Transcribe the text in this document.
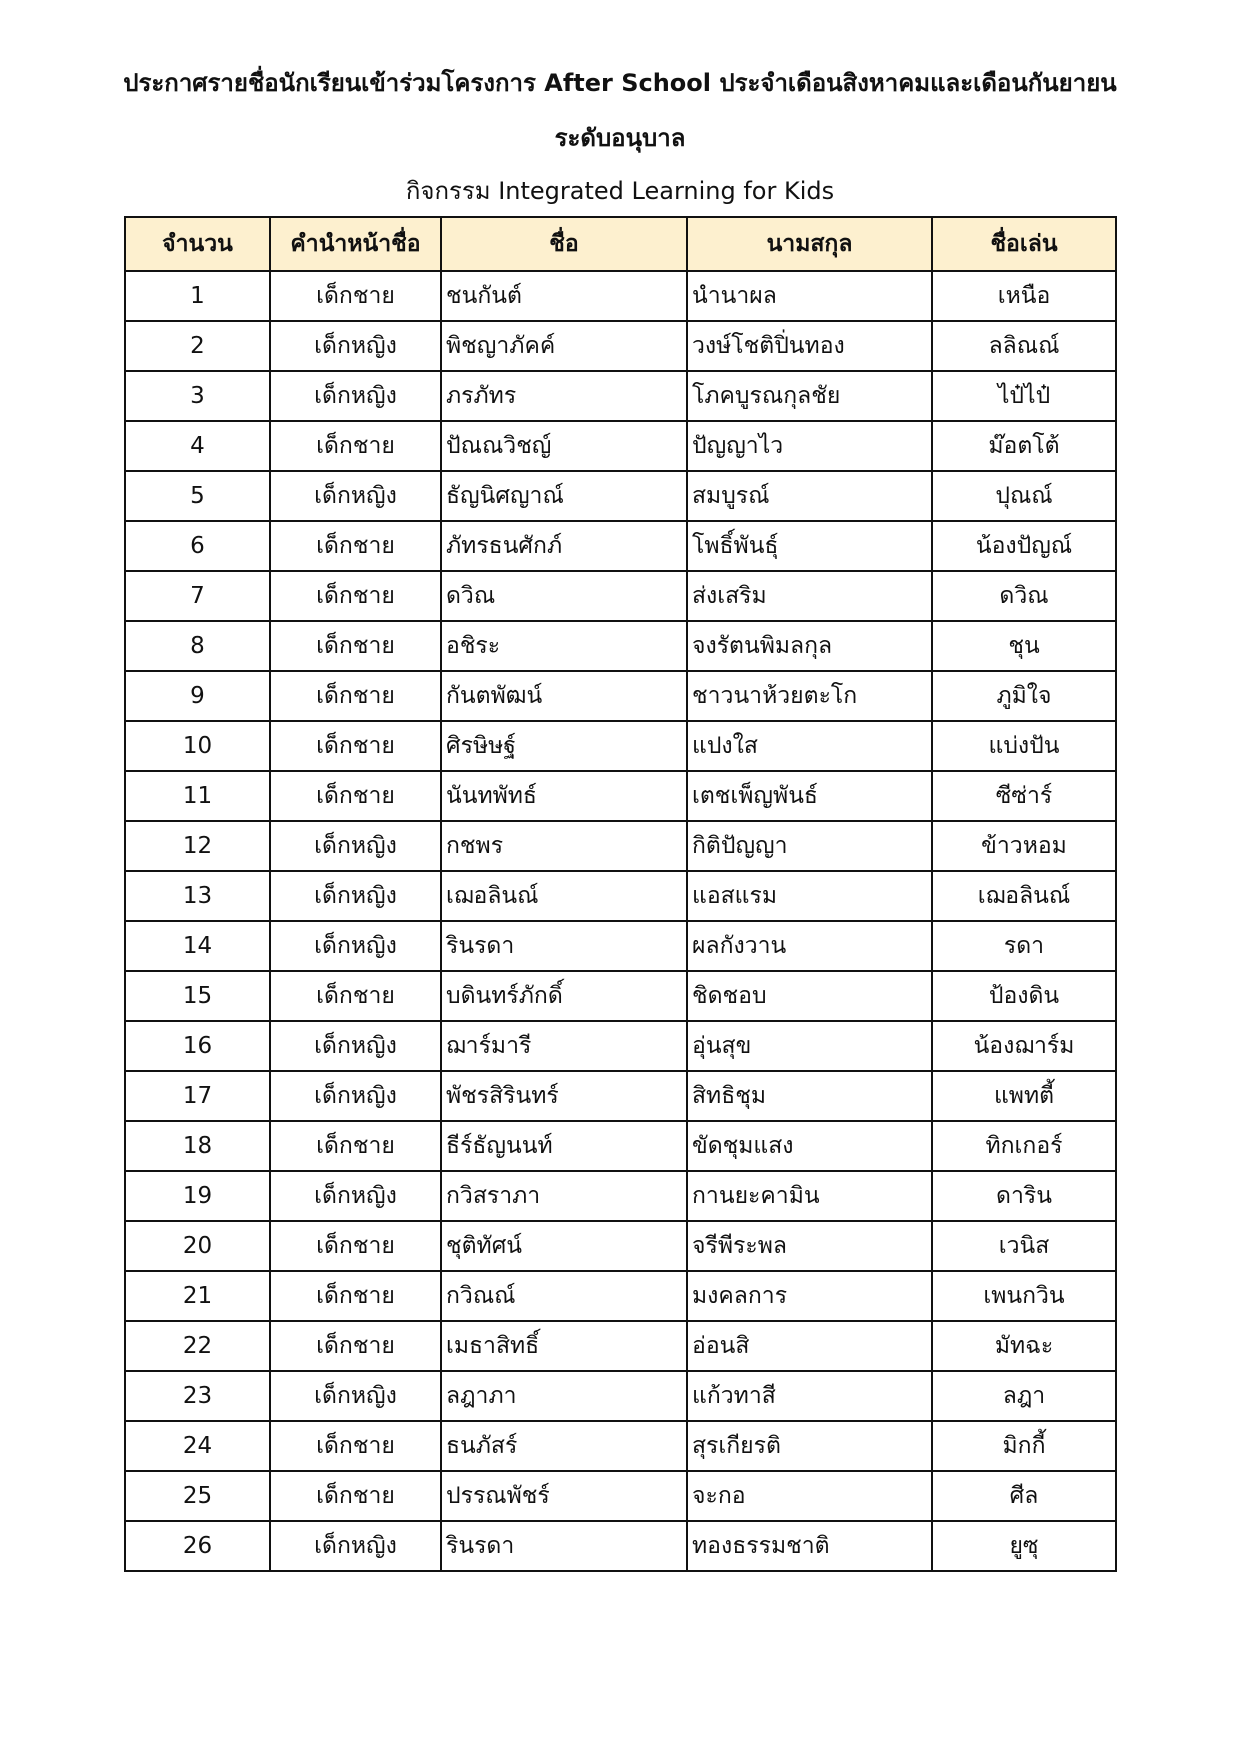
ประกาศรายชื่อนักเรียนเข้าร่วมโครงการ After School ประจำเดือนสิงหาคมและเดือนกันยายน
ระดับอนุบาล
กิจกรรม Integrated Learning for Kids
จำนวน	คำนำหน้าชื่อ	ชื่อ	นามสกุล	ชื่อเล่น
1	เด็กชาย	ชนกันต์	นำนาผล	เหนือ
2	เด็กหญิง	พิชญาภัคค์	วงษ์โชติปิ่นทอง	ลลิณณ์
3	เด็กหญิง	ภรภัทร	โภคบูรณกุลชัย	ไป๋ไป๋
4	เด็กชาย	ปัณณวิชญ์	ปัญญาไว	ม๊อตโต้
5	เด็กหญิง	ธัญนิศญาณ์	สมบูรณ์	ปุณณ์
6	เด็กชาย	ภัทรธนศักภ์	โพธิ์พันธุ์	น้องปัญณ์
7	เด็กชาย	ดวิณ	ส่งเสริม	ดวิณ
8	เด็กชาย	อชิระ	จงรัตนพิมลกุล	ชุน
9	เด็กชาย	กันตพัฒน์	ชาวนาห้วยตะโก	ภูมิใจ
10	เด็กชาย	ศิรษิษฐ์	แปงใส	แบ่งปัน
11	เด็กชาย	นันทพัทธ์	เตชเพ็ญพันธ์	ซีซ่าร์
12	เด็กหญิง	กชพร	กิติปัญญา	ข้าวหอม
13	เด็กหญิง	เฌอลินณ์	แอสแรม	เฌอลินณ์
14	เด็กหญิง	รินรดา	ผลกังวาน	รดา
15	เด็กชาย	บดินทร์ภักดิ์	ชิดชอบ	ป้องดิน
16	เด็กหญิง	ฌาร์มารี	อุ่นสุข	น้องฌาร์ม
17	เด็กหญิง	พัชรสิรินทร์	สิทธิชุม	แพทตี้
18	เด็กชาย	ธีร์ธัญนนท์	ขัดชุมแสง	ทิกเกอร์
19	เด็กหญิง	กวิสราภา	กานยะคามิน	ดาริน
20	เด็กชาย	ชุติทัศน์	จรีพีระพล	เวนิส
21	เด็กชาย	กวิณณ์	มงคลการ	เพนกวิน
22	เด็กชาย	เมธาสิทธิ์	อ่อนสิ	มัทฉะ
23	เด็กหญิง	ลฎาภา	แก้วทาสี	ลฎา
24	เด็กชาย	ธนภัสร์	สุรเกียรติ	มิกกี้
25	เด็กชาย	ปรรณพัชร์	จะกอ	ศีล
26	เด็กหญิง	รินรดา	ทองธรรมชาติ	ยูซุ
